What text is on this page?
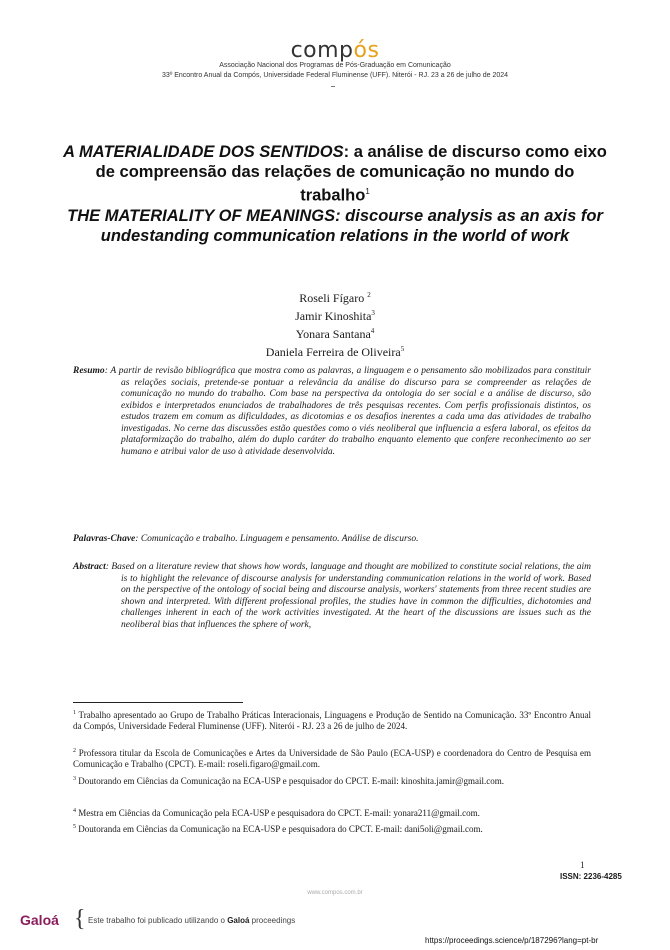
compós
Associação Nacional dos Programas de Pós-Graduação em Comunicação
33º Encontro Anual da Compós, Universidade Federal Fluminense (UFF). Niterói - RJ. 23 a 26 de julho de 2024
A MATERIALIDADE DOS SENTIDOS: a análise de discurso como eixo de compreensão das relações de comunicação no mundo do trabalho$^1$
THE MATERIALITY OF MEANINGS: discourse analysis as an axis for undestanding communication relations in the world of work
Roseli Fígaro $^2$
Jamir Kinoshita$^3$
Yonara Santana$^4$
Daniela Ferreira de Oliveira$^5$
Resumo: A partir de revisão bibliográfica que mostra como as palavras, a linguagem e o pensamento são mobilizados para constituir as relações sociais, pretende-se pontuar a relevância da análise do discurso para se compreender as relações de comunicação no mundo do trabalho. Com base na perspectiva da ontologia do ser social e a análise de discurso, são exibidos e interpretados enunciados de trabalhadores de três pesquisas recentes. Com perfis profissionais distintos, os estudos trazem em comum as dificuldades, as dicotomias e os desafios inerentes a cada uma das atividades de trabalho investigadas. No cerne das discussões estão questões como o viés neoliberal que influencia a esfera laboral, os efeitos da plataformização do trabalho, além do duplo caráter do trabalho enquanto elemento que confere reconhecimento ao ser humano e atribui valor de uso à atividade desenvolvida.
Palavras-Chave: Comunicação e trabalho. Linguagem e pensamento. Análise de discurso.
Abstract: Based on a literature review that shows how words, language and thought are mobilized to constitute social relations, the aim is to highlight the relevance of discourse analysis for understanding communication relations in the world of work. Based on the perspective of the ontology of social being and discourse analysis, workers' statements from three recent studies are shown and interpreted. With different professional profiles, the studies have in common the difficulties, dichotomies and challenges inherent in each of the work activities investigated. At the heart of the discussions are issues such as the neoliberal bias that influences the sphere of work,
$^1$ Trabalho apresentado ao Grupo de Trabalho Práticas Interacionais, Linguagens e Produção de Sentido na Comunicação. 33º Encontro Anual da Compós, Universidade Federal Fluminense (UFF). Niterói - RJ. 23 a 26 de julho de 2024.
$^2$ Professora titular da Escola de Comunicações e Artes da Universidade de São Paulo (ECA-USP) e coordenadora do Centro de Pesquisa em Comunicação e Trabalho (CPCT). E-mail: roseli.figaro@gmail.com.
$^3$ Doutorando em Ciências da Comunicação na ECA-USP e pesquisador do CPCT. E-mail: kinoshita.jamir@gmail.com.
$^4$ Mestra em Ciências da Comunicação pela ECA-USP e pesquisadora do CPCT. E-mail: yonara211@gmail.com.
$^5$ Doutoranda em Ciências da Comunicação na ECA-USP e pesquisadora do CPCT. E-mail: dani5oli@gmail.com.
1
ISSN: 2236-4285
www.compos.com.br
Galoá { Este trabalho foi publicado utilizando o Galoá proceedings
https://proceedings.science/p/187296?lang=pt-br
